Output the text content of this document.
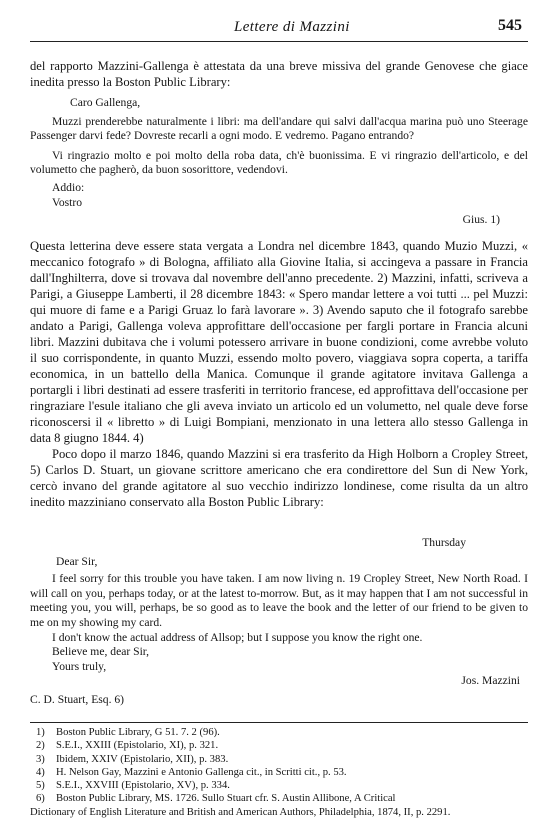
Lettere di Mazzini	545

del rapporto Mazzini-Gallenga è attestata da una breve missiva del grande Genovese che giace inedita presso la Boston Public Library:

Caro Gallenga,

Muzzi prenderebbe naturalmente i libri: ma dell'andare qui salvi dall'acqua marina può uno Steerage Passenger darvi fede? Dovreste recarli a ogni modo. E vedremo. Pagano entrando?

Vi ringrazio molto e poi molto della roba data, ch'è buonissima. E vi ringrazio dell'articolo, e del volumetto che pagherò, da buon sosorittore, vedendovi.

Addio:

Vostro

Gius. 1)

Questa letterina deve essere stata vergata a Londra nel dicembre 1843, quando Muzio Muzzi, « meccanico fotografo » di Bologna, affiliato alla Giovine Italia, si accingeva a passare in Francia dall'Inghilterra, dove si trovava dal novembre dell'anno precedente. 2) Mazzini, infatti, scriveva a Parigi, a Giuseppe Lamberti, il 28 dicembre 1843: « Spero mandar lettere a voi tutti ... pel Muzzi: qui muore di fame e a Parigi Gruaz lo farà lavorare ». 3) Avendo saputo che il fotografo sarebbe andato a Parigi, Gallenga voleva approfittare dell'occasione per fargli portare in Francia alcuni libri. Mazzini dubitava che i volumi potessero arrivare in buone condizioni, come avrebbe voluto il suo corrispondente, in quanto Muzzi, essendo molto povero, viaggiava sopra coperta, a tariffa economica, in un battello della Manica. Comunque il grande agitatore invitava Gallenga a portargli i libri destinati ad essere trasferiti in territorio francese, ed approfittava dell'occasione per ringraziare l'esule italiano che gli aveva inviato un articolo ed un volumetto, nel quale deve forse riconoscersi il « libretto » di Luigi Bompiani, menzionato in una lettera allo stesso Gallenga in data 8 giugno 1844. 4)

Poco dopo il marzo 1846, quando Mazzini si era trasferito da High Holborn a Cropley Street, 5) Carlos D. Stuart, un giovane scrittore americano che era condirettore del Sun di New York, cercò invano del grande agitatore al suo vecchio indirizzo londinese, come risulta da un altro inedito mazziniano conservato alla Boston Public Library:

Thursday

Dear Sir,

I feel sorry for this trouble you have taken. I am now living n. 19 Cropley Street, New North Road. I will call on you, perhaps today, or at the latest to-morrow. But, as it may happen that I am not successful in meeting you, you will, perhaps, be so good as to leave the book and the letter of our friend to be given to me on my showing my card.

I don't know the actual address of Allsop; but I suppose you know the right one.

Believe me, dear Sir,

Yours truly,

Jos. Mazzini

C. D. Stuart, Esq. 6)

1)	Boston Public Library, G 51. 7. 2 (96).
2)	S.E.I., XXIII (Epistolario, XI), p. 321.
3)	Ibidem, XXIV (Epistolario, XII), p. 383.
4)	H. Nelson Gay, Mazzini e Antonio Gallenga cit., in Scritti cit., p. 53.
5)	S.E.I., XXVIII (Epistolario, XV), p. 334.
6)	Boston Public Library, MS. 1726. Sullo Stuart cfr. S. Austin Allibone, A Critical

Dictionary of English Literature and British and American Authors, Philadelphia, 1874, II, p. 2291.
